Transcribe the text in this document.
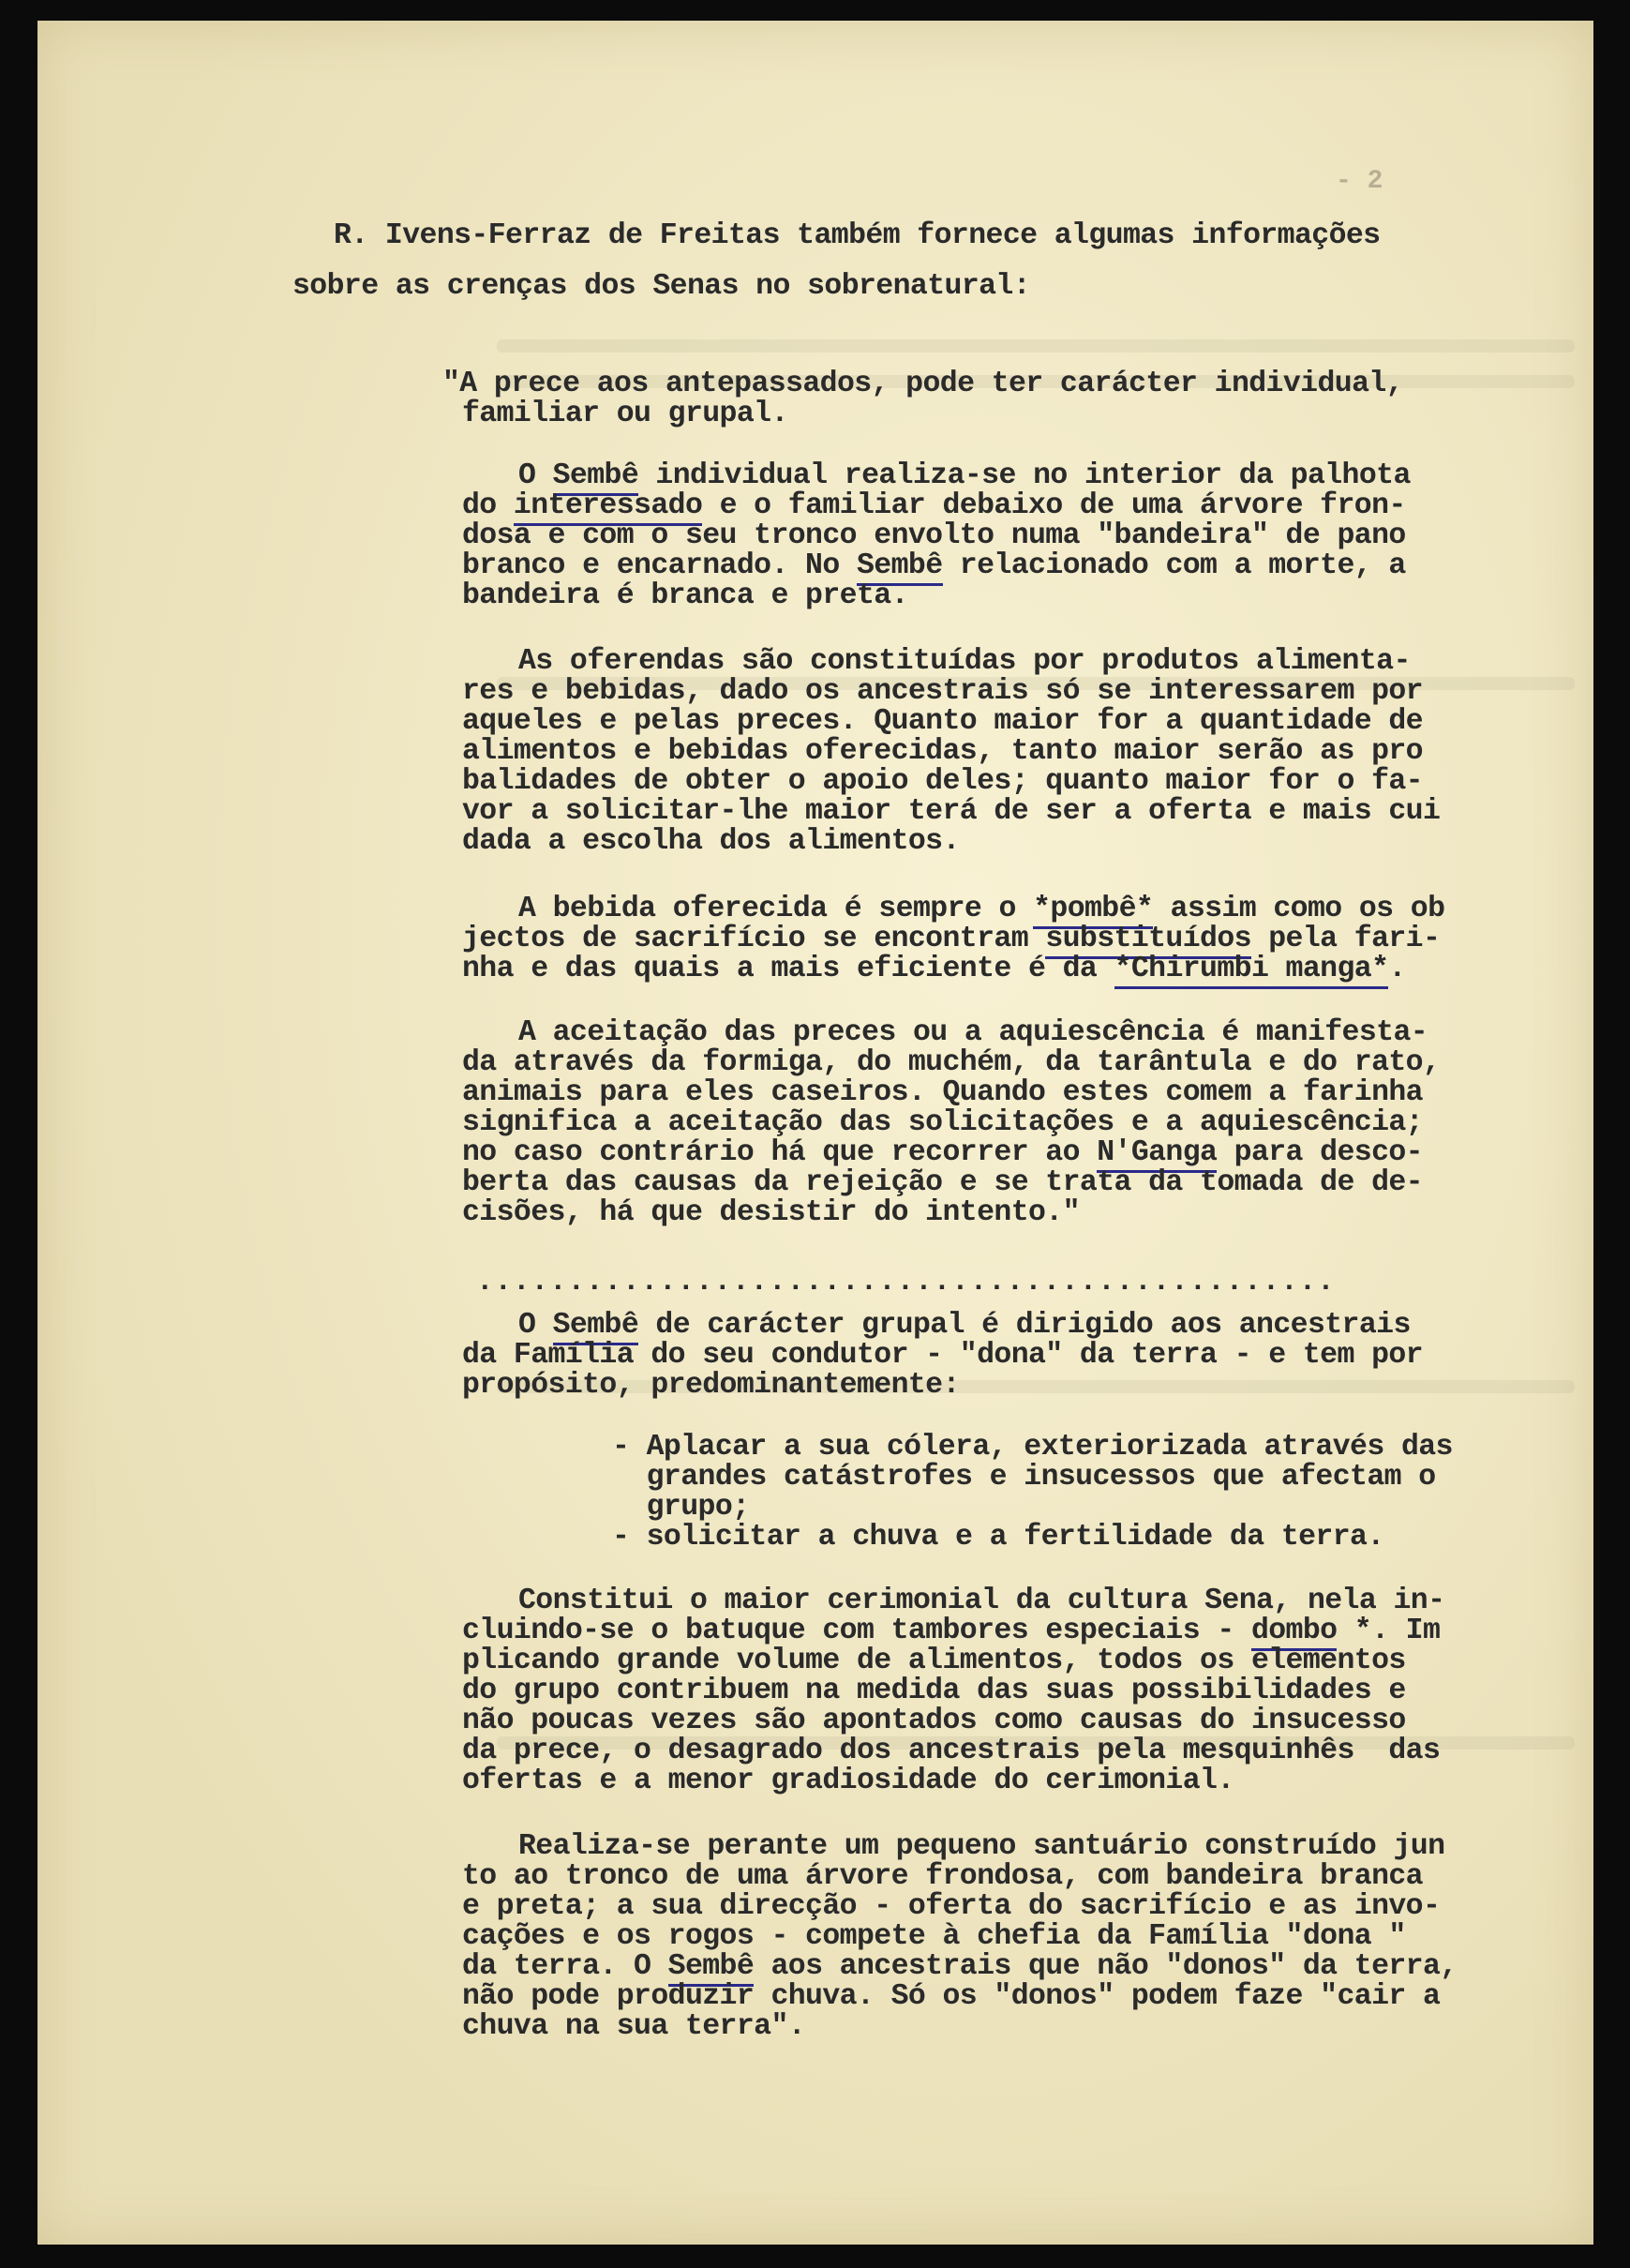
- 2
R. Ivens-Ferraz de Freitas também fornece algumas informações
sobre as crenças dos Senas no sobrenatural:
"A prece aos antepassados, pode ter carácter individual,
familiar ou grupal.
O Sembê individual realiza-se no interior da palhota
do interessado e o familiar debaixo de uma árvore fron-
dosa e com o seu tronco envolto numa "bandeira" de pano
branco e encarnado. No Sembê relacionado com a morte, a
bandeira é branca e preta.
As oferendas são constituídas por produtos alimenta-
res e bebidas, dado os ancestrais só se interessarem por
aqueles e pelas preces. Quanto maior for a quantidade de
alimentos e bebidas oferecidas, tanto maior serão as pro
balidades de obter o apoio deles; quanto maior for o fa-
vor a solicitar-lhe maior terá de ser a oferta e mais cui
dada a escolha dos alimentos.
A bebida oferecida é sempre o *pombê* assim como os ob
jectos de sacrifício se encontram substituídos pela fari-
nha e das quais a mais eficiente é da *Chirumbi manga*.
A aceitação das preces ou a aquiescência é manifesta-
da através da formiga, do muchém, da tarântula e do rato,
animais para eles caseiros. Quando estes comem a farinha
significa a aceitação das solicitações e a aquiescência;
no caso contrário há que recorrer ao N'Ganga para desco-
berta das causas da rejeição e se trata da tomada de de-
cisões, há que desistir do intento."
...............................................
O Sembê de carácter grupal é dirigido aos ancestrais
da Família do seu condutor - "dona" da terra - e tem por
propósito, predominantemente:
- Aplacar a sua cólera, exteriorizada através das
grandes catástrofes e insucessos que afectam o
grupo;
- solicitar a chuva e a fertilidade da terra.
Constitui o maior cerimonial da cultura Sena, nela in-
cluindo-se o batuque com tambores especiais - dombo *. Im
plicando grande volume de alimentos, todos os elementos
do grupo contribuem na medida das suas possibilidades e
não poucas vezes são apontados como causas do insucesso
da prece, o desagrado dos ancestrais pela mesquinhês  das
ofertas e a menor gradiosidade do cerimonial.
Realiza-se perante um pequeno santuário construído jun
to ao tronco de uma árvore frondosa, com bandeira branca
e preta; a sua direcção - oferta do sacrifício e as invo-
cações e os rogos - compete à chefia da Família "dona "
da terra. O Sembê aos ancestrais que não "donos" da terra,
não pode produzir chuva. Só os "donos" podem faze "cair a
chuva na sua terra".
